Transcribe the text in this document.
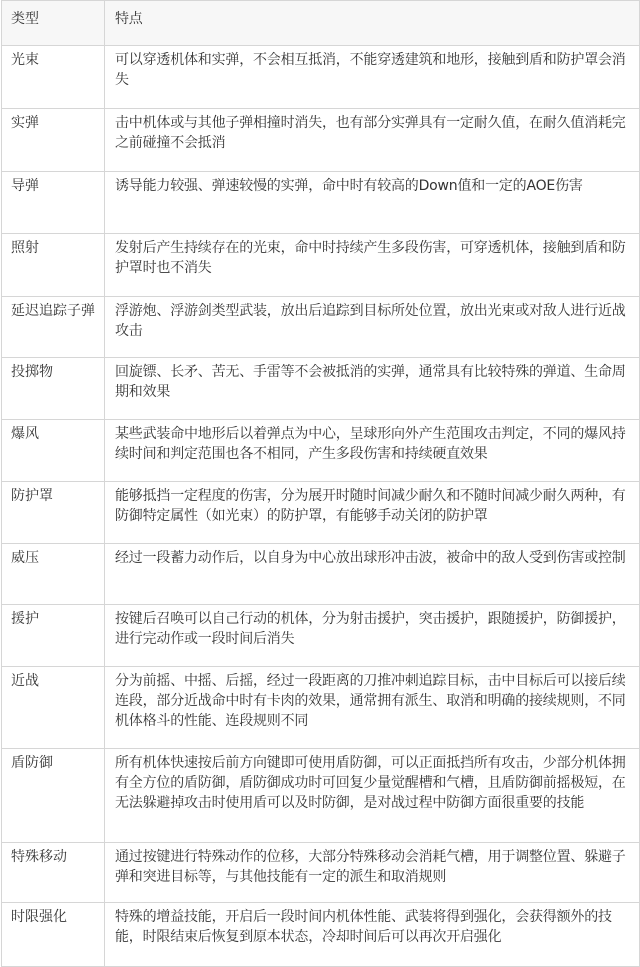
类型	特点
光束	可以穿透机体和实弹，不会相互抵消，不能穿透建筑和地形，接触到盾和防护罩会消失
实弹	击中机体或与其他子弹相撞时消失，也有部分实弹具有一定耐久值，在耐久值消耗完之前碰撞不会抵消
导弹	诱导能力较强、弹速较慢的实弹，命中时有较高的Down值和一定的AOE伤害
照射	发射后产生持续存在的光束，命中时持续产生多段伤害，可穿透机体，接触到盾和防护罩时也不消失
延迟追踪子弹	浮游炮、浮游剑类型武装，放出后追踪到目标所处位置，放出光束或对敌人进行近战攻击
投掷物	回旋镖、长矛、苦无、手雷等不会被抵消的实弹，通常具有比较特殊的弹道、生命周期和效果
爆风	某些武装命中地形后以着弹点为中心，呈球形向外产生范围攻击判定，不同的爆风持续时间和判定范围也各不相同，产生多段伤害和持续硬直效果
防护罩	能够抵挡一定程度的伤害，分为展开时随时间减少耐久和不随时间减少耐久两种，有防御特定属性（如光束）的防护罩，有能够手动关闭的防护罩
威压	经过一段蓄力动作后，以自身为中心放出球形冲击波，被命中的敌人受到伤害或控制
援护	按键后召唤可以自己行动的机体，分为射击援护，突击援护，跟随援护，防御援护，进行完动作或一段时间后消失
近战	分为前摇、中摇、后摇，经过一段距离的刀推冲刺追踪目标，击中目标后可以接后续连段，部分近战命中时有卡肉的效果，通常拥有派生、取消和明确的接续规则，不同机体格斗的性能、连段规则不同
盾防御	所有机体快速按后前方向键即可使用盾防御，可以正面抵挡所有攻击，少部分机体拥有全方位的盾防御，盾防御成功时可回复少量觉醒槽和气槽，且盾防御前摇极短，在无法躲避掉攻击时使用盾可以及时防御，是对战过程中防御方面很重要的技能
特殊移动	通过按键进行特殊动作的位移，大部分特殊移动会消耗气槽，用于调整位置、躲避子弹和突进目标等，与其他技能有一定的派生和取消规则
时限强化	特殊的增益技能，开启后一段时间内机体性能、武装将得到强化，会获得额外的技能，时限结束后恢复到原本状态，冷却时间后可以再次开启强化
